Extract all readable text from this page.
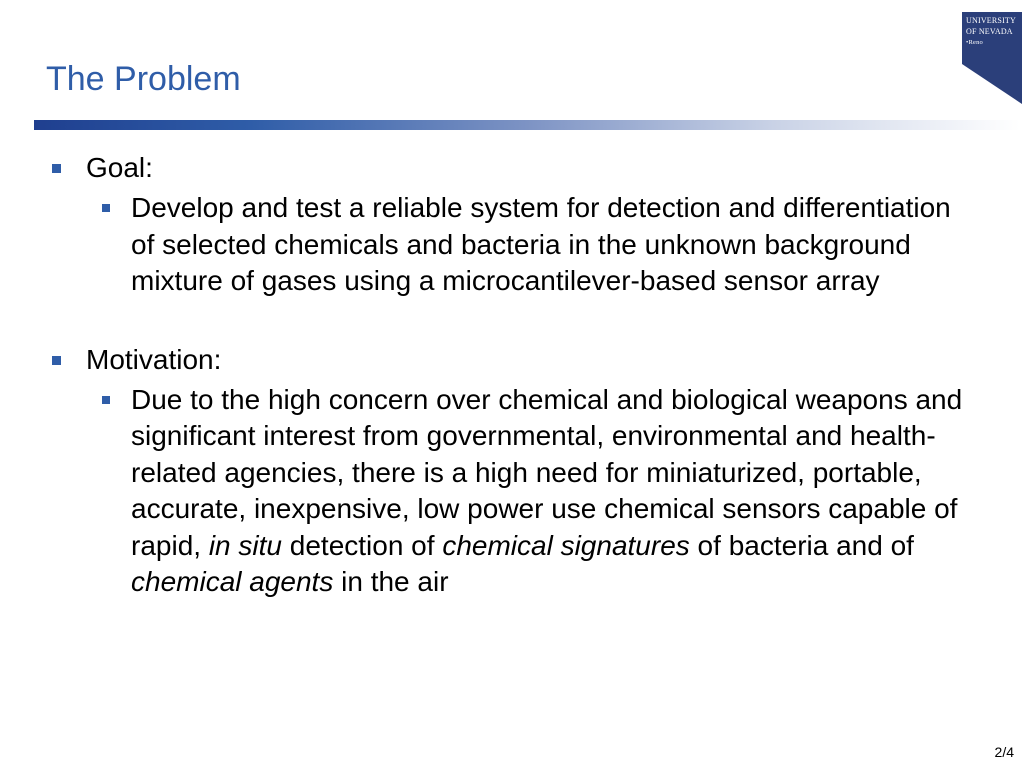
The Problem
UNIVERSITY
OF NEVADA
•Reno
Goal:
Develop and test a reliable system for detection and differentiation of selected chemicals and bacteria in the unknown background mixture of gases using a microcantilever-based sensor array
Motivation:
Due to the high concern over chemical and biological weapons and significant interest from governmental, environmental and health-related agencies, there is a high need for miniaturized, portable, accurate, inexpensive, low power use chemical sensors capable of rapid, in situ detection of chemical signatures of bacteria and of chemical agents in the air
2/4
